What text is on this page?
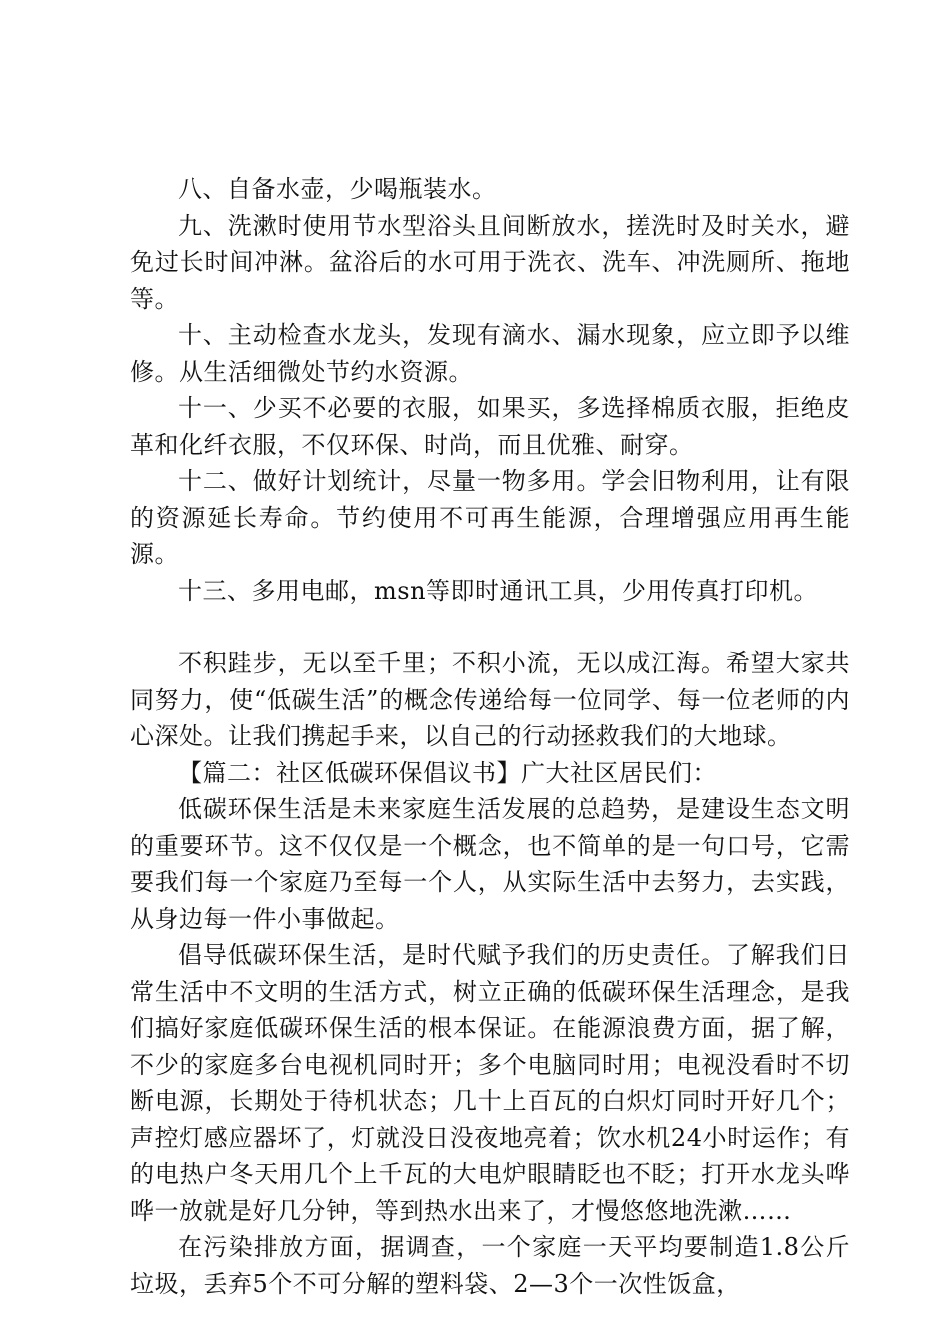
八、自备水壶，少喝瓶装水。

九、洗漱时使用节水型浴头且间断放水，搓洗时及时关水，避免过长时间冲淋。盆浴后的水可用于洗衣、洗车、冲洗厕所、拖地等。

十、主动检查水龙头，发现有滴水、漏水现象，应立即予以维修。从生活细微处节约水资源。

十一、少买不必要的衣服，如果买，多选择棉质衣服，拒绝皮革和化纤衣服，不仅环保、时尚，而且优雅、耐穿。

十二、做好计划统计，尽量一物多用。学会旧物利用，让有限的资源延长寿命。节约使用不可再生能源，合理增强应用再生能源。

十三、多用电邮，msn等即时通讯工具，少用传真打印机。

不积跬步，无以至千里；不积小流，无以成江海。希望大家共同努力，使“低碳生活”的概念传递给每一位同学、每一位老师的内心深处。让我们携起手来，以自己的行动拯救我们的大地球。

【篇二：社区低碳环保倡议书】广大社区居民们：

低碳环保生活是未来家庭生活发展的总趋势，是建设生态文明的重要环节。这不仅仅是一个概念，也不简单的是一句口号，它需要我们每一个家庭乃至每一个人，从实际生活中去努力，去实践，从身边每一件小事做起。

倡导低碳环保生活，是时代赋予我们的历史责任。了解我们日常生活中不文明的生活方式，树立正确的低碳环保生活理念，是我们搞好家庭低碳环保生活的根本保证。在能源浪费方面，据了解，不少的家庭多台电视机同时开；多个电脑同时用；电视没看时不切断电源，长期处于待机状态；几十上百瓦的白炽灯同时开好几个；声控灯感应器坏了，灯就没日没夜地亮着；饮水机24小时运作；有的电热户冬天用几个上千瓦的大电炉眼睛眨也不眨；打开水龙头哗哗一放就是好几分钟，等到热水出来了，才慢悠悠地洗漱……

在污染排放方面，据调查，一个家庭一天平均要制造1.8公斤垃圾，丢弃5个不可分解的塑料袋、2—3个一次性饭盒，
